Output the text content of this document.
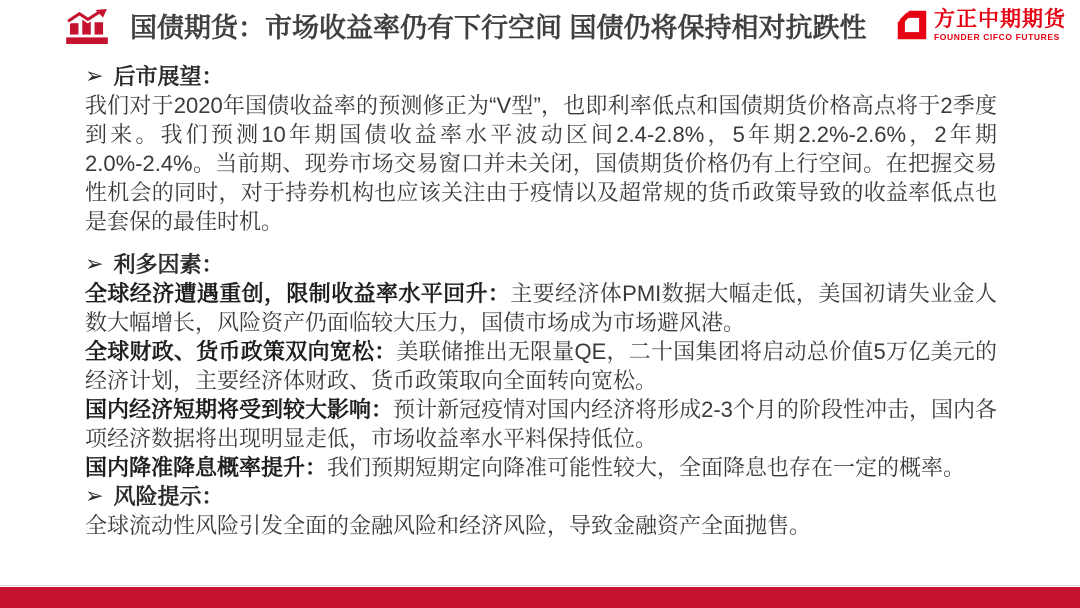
国债期货：市场收益率仍有下行空间 国债仍将保持相对抗跌性	方正中期期货
FOUNDER CIFCO FUTURES
➢ 后市展望：

我们对于2020年国债收益率的预测修正为“V型”，也即利率低点和国债期货价格高点将于2季度到来。我们预测10年期国债收益率水平波动区间2.4-2.8%，5年期2.2%-2.6%，2年期2.0%-2.4%。当前期、现券市场交易窗口并未关闭，国债期货价格仍有上行空间。在把握交易性机会的同时，对于持券机构也应该关注由于疫情以及超常规的货币政策导致的收益率低点也是套保的最佳时机。

➢ 利多因素：

全球经济遭遇重创，限制收益率水平回升：主要经济体PMI数据大幅走低，美国初请失业金人数大幅增长，风险资产仍面临较大压力，国债市场成为市场避风港。

全球财政、货币政策双向宽松：美联储推出无限量QE，二十国集团将启动总价值5万亿美元的经济计划，主要经济体财政、货币政策取向全面转向宽松。

国内经济短期将受到较大影响：预计新冠疫情对国内经济将形成2-3个月的阶段性冲击，国内各项经济数据将出现明显走低，市场收益率水平料保持低位。

国内降准降息概率提升：我们预期短期定向降准可能性较大，全面降息也存在一定的概率。

➢ 风险提示：

全球流动性风险引发全面的金融风险和经济风险，导致金融资产全面抛售。
